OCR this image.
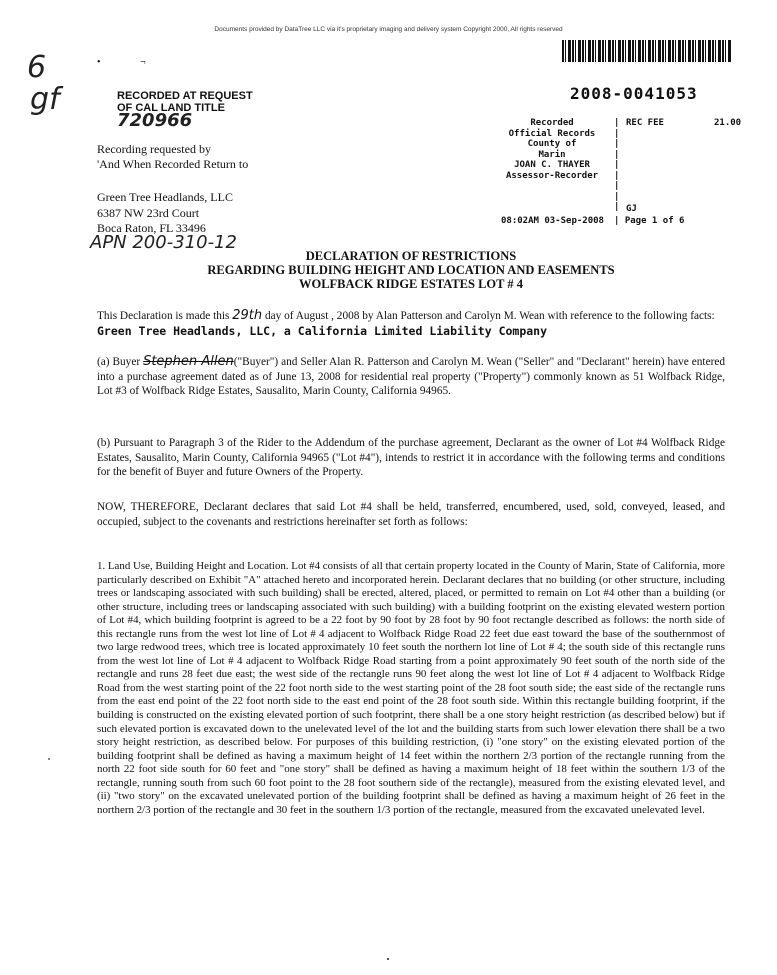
Documents provided by DataTree LLC via it's proprietary imaging and delivery system Copyright 2000, All rights reserved
6
gf
•	¬
RECORDED AT REQUEST
OF CAL LAND TITLE
720966
Recording requested by
'And When Recorded Return to
Green Tree Headlands, LLC
6387 NW 23rd Court
Boca Raton, FL 33496
APN 200-310-12
2008-0041053
Recorded
Official Records
County of
Marin
JOAN C. THAYER
Assessor-Recorder
|
|
|
|
|
|
|
|
|
REC FEE	21.00
GJ
08:02AM 03-Sep-2008 | Page 1 of 6
DECLARATION OF RESTRICTIONS
REGARDING BUILDING HEIGHT AND LOCATION AND EASEMENTS
WOLFBACK RIDGE ESTATES LOT # 4
This Declaration is made this 29th day of August , 2008 by Alan Patterson and Carolyn M. Wean with reference to the following facts:
Green Tree Headlands, LLC, a California Limited Liability Company
(a) Buyer Stephen Allen("Buyer") and Seller Alan R. Patterson and Carolyn M. Wean ("Seller" and "Declarant" herein) have entered into a purchase agreement dated as of June 13, 2008 for residential real property ("Property") commonly known as 51 Wolfback Ridge, Lot #3 of Wolfback Ridge Estates, Sausalito, Marin County, California 94965.
(b) Pursuant to Paragraph 3 of the Rider to the Addendum of the purchase agreement, Declarant as the owner of Lot #4 Wolfback Ridge Estates, Sausalito, Marin County, California 94965 ("Lot #4"), intends to restrict it in accordance with the following terms and conditions for the benefit of Buyer and future Owners of the Property.
NOW, THEREFORE, Declarant declares that said Lot #4 shall be held, transferred, encumbered, used, sold, conveyed, leased, and occupied, subject to the covenants and restrictions hereinafter set forth as follows:
1. Land Use, Building Height and Location. Lot #4 consists of all that certain property located in the County of Marin, State of California, more particularly described on Exhibit "A" attached hereto and incorporated herein. Declarant declares that no building (or other structure, including trees or landscaping associated with such building) shall be erected, altered, placed, or permitted to remain on Lot #4 other than a building (or other structure, including trees or landscaping associated with such building) with a building footprint on the existing elevated western portion of Lot #4, which building footprint is agreed to be a 22 foot by 90 foot by 28 foot by 90 foot rectangle described as follows: the north side of this rectangle runs from the west lot line of Lot # 4 adjacent to Wolfback Ridge Road 22 feet due east toward the base of the southernmost of two large redwood trees, which tree is located approximately 10 feet south the northern lot line of Lot # 4; the south side of this rectangle runs from the west lot line of Lot # 4 adjacent to Wolfback Ridge Road starting from a point approximately 90 feet south of the north side of the rectangle and runs 28 feet due east; the west side of the rectangle runs 90 feet along the west lot line of Lot # 4 adjacent to Wolfback Ridge Road from the west starting point of the 22 foot north side to the west starting point of the 28 foot south side; the east side of the rectangle runs from the east end point of the 22 foot north side to the east end point of the 28 foot south side. Within this rectangle building footprint, if the building is constructed on the existing elevated portion of such footprint, there shall be a one story height restriction (as described below) but if such elevated portion is excavated down to the unelevated level of the lot and the building starts from such lower elevation there shall be a two story height restriction, as described below. For purposes of this building restriction, (i) "one story" on the existing elevated portion of the building footprint shall be defined as having a maximum height of 14 feet within the northern 2/3 portion of the rectangle running from the north 22 foot side south for 60 feet and "one story" shall be defined as having a maximum height of 18 feet within the southern 1/3 of the rectangle, running south from such 60 foot point to the 28 foot southern side of the rectangle), measured from the existing elevated level, and (ii) "two story" on the excavated unelevated portion of the building footprint shall be defined as having a maximum height of 26 feet in the northern 2/3 portion of the rectangle and 30 feet in the southern 1/3 portion of the rectangle, measured from the excavated unelevated level.
